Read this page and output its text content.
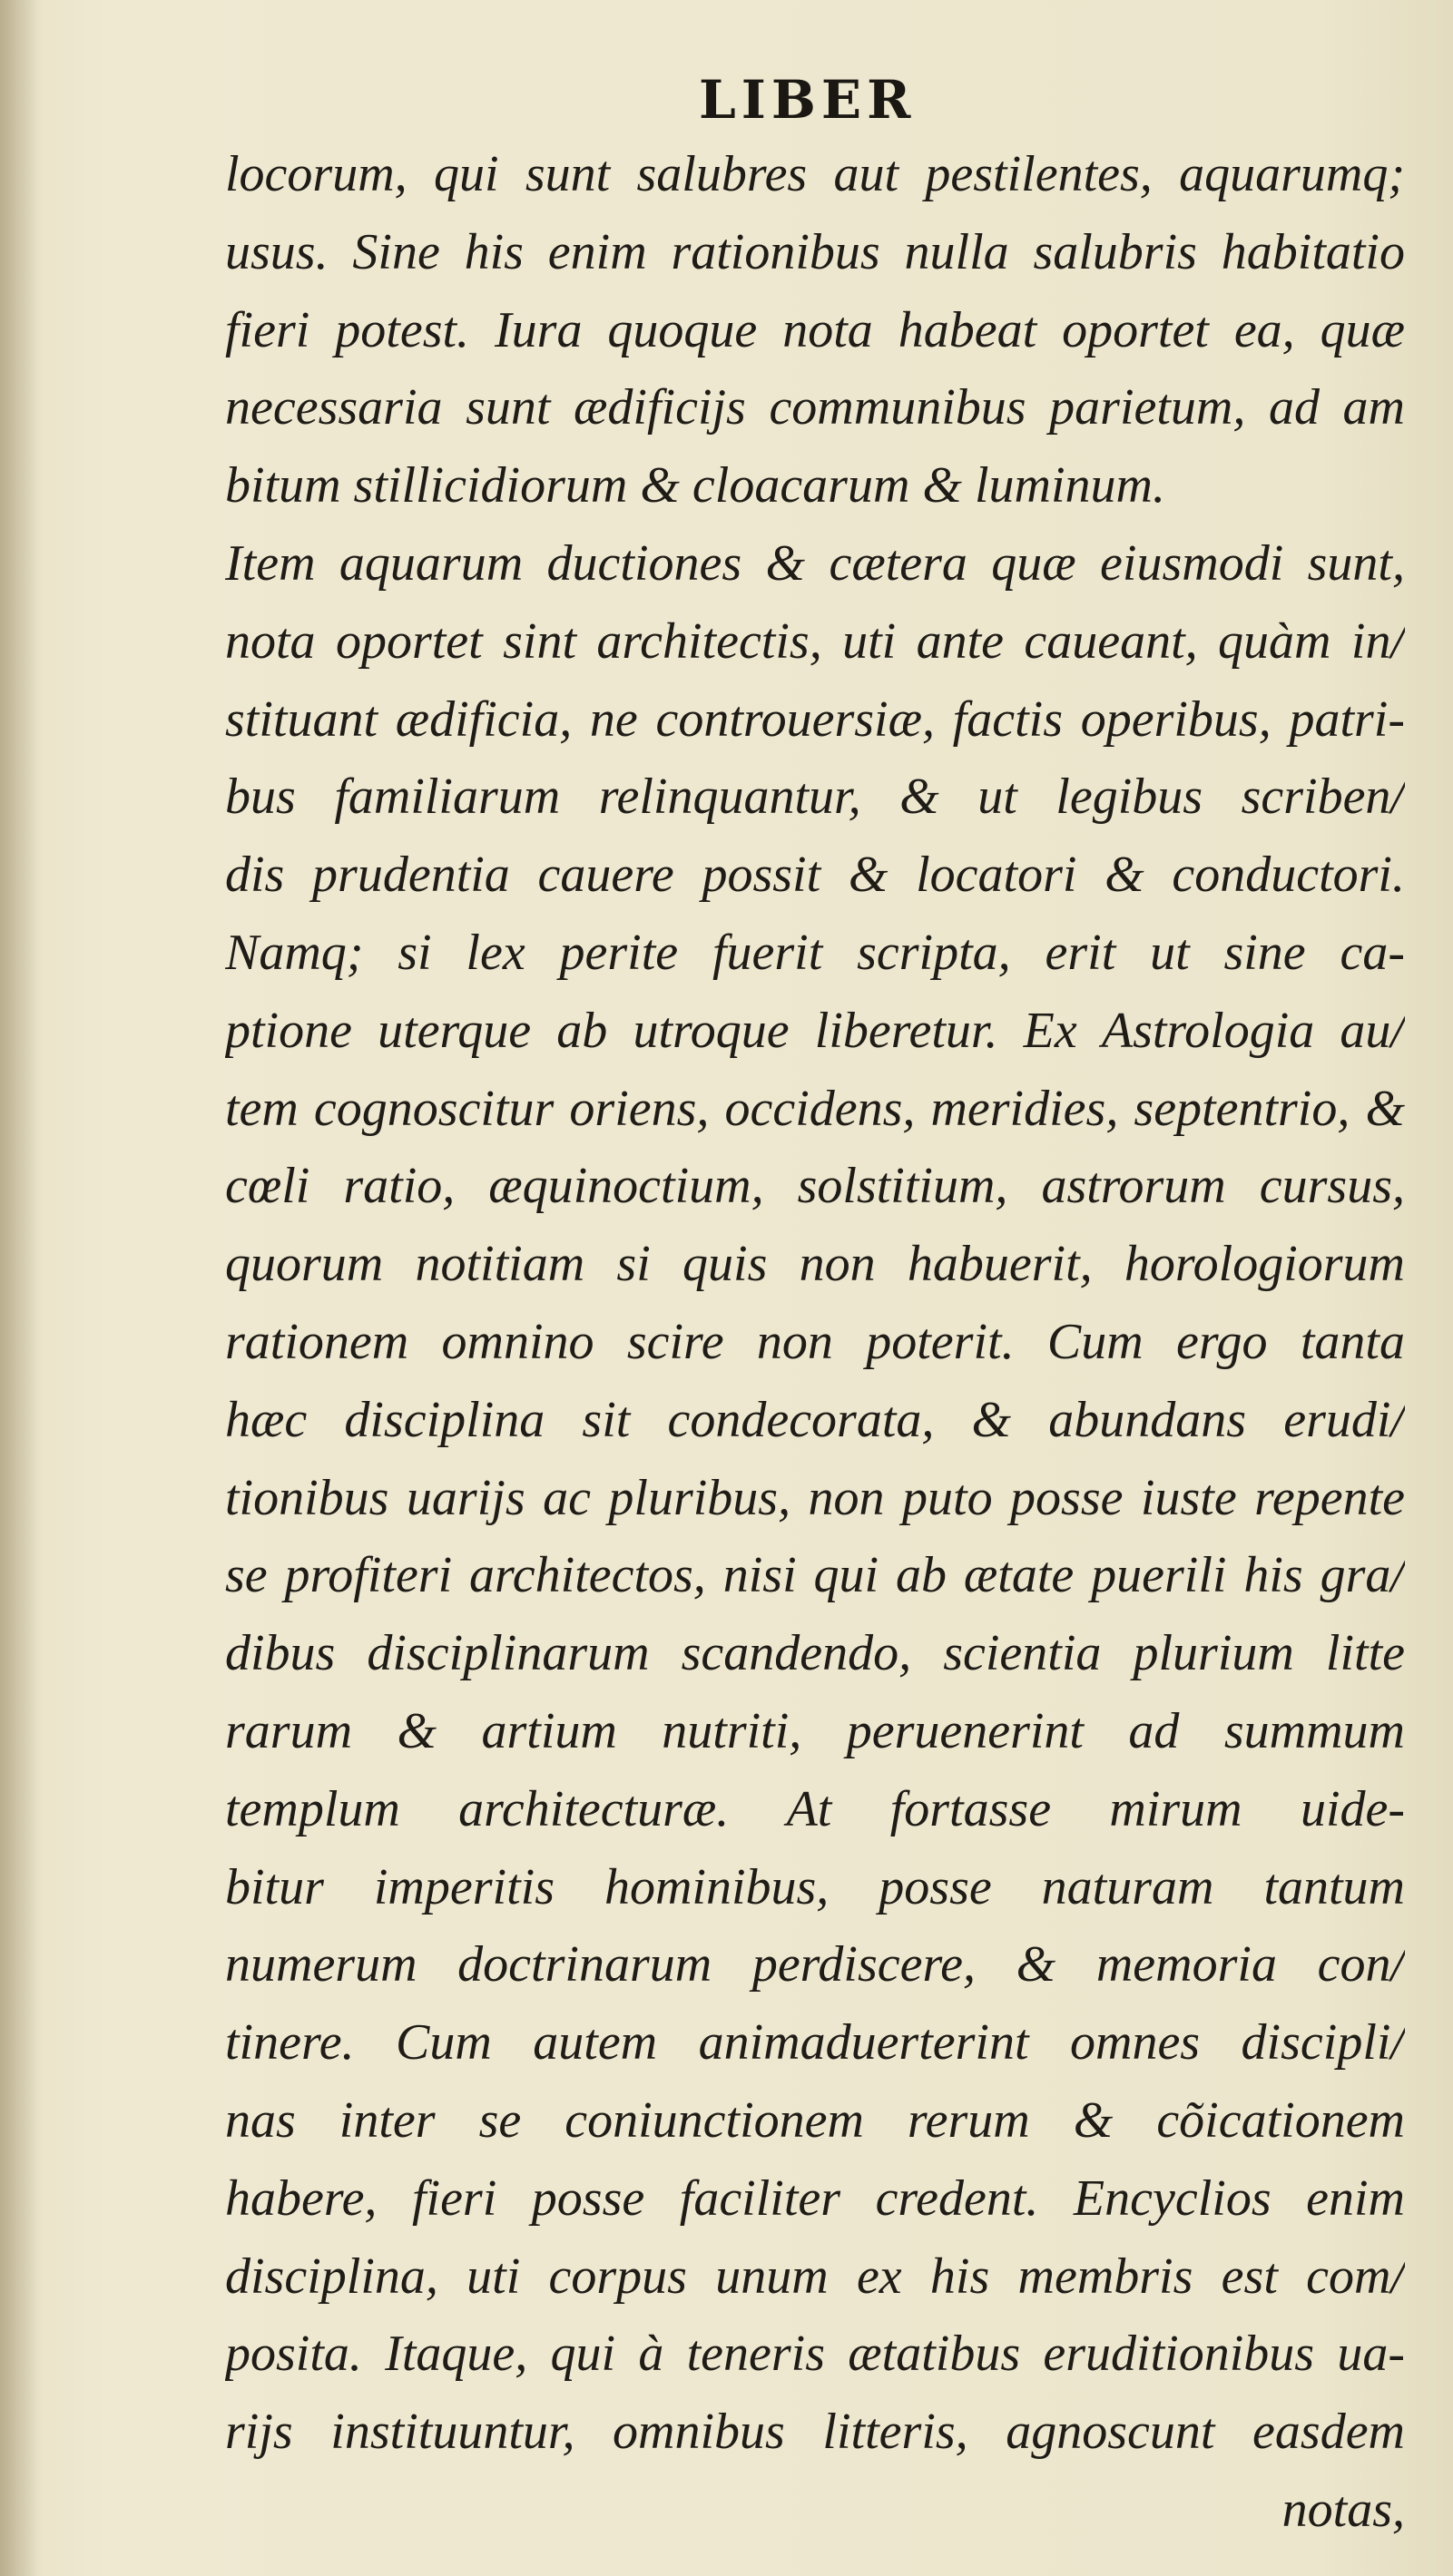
LIBER
locorum, qui sunt salubres aut pestilentes, aquarumq;
usus. Sine his enim rationibus nulla salubris habitatio
fieri potest. Iura quoque nota habeat oportet ea, quæ
necessaria sunt ædificijs communibus parietum, ad am
bitum stillicidiorum & cloacarum & luminum.
Item aquarum ductiones & cætera quæ eiusmodi sunt,
nota oportet sint architectis, uti ante caueant, quàm in/
stituant ædificia, ne controuersiæ, factis operibus, patri-
bus familiarum relinquantur, & ut legibus scriben/
dis prudentia cauere possit & locatori & conductori.
Namq; si lex perite fuerit scripta, erit ut sine ca-
ptione uterque ab utroque liberetur. Ex Astrologia au/
tem cognoscitur oriens, occidens, meridies, septentrio, &
cœli ratio, æquinoctium, solstitium, astrorum cursus,
quorum notitiam si quis non habuerit, horologiorum
rationem omnino scire non poterit. Cum ergo tanta
hæc disciplina sit condecorata, & abundans erudi/
tionibus uarijs ac pluribus, non puto posse iuste repente
se profiteri architectos, nisi qui ab ætate puerili his gra/
dibus disciplinarum scandendo, scientia plurium litte
rarum & artium nutriti, peruenerint ad summum
templum architecturæ. At fortasse mirum uide-
bitur imperitis hominibus, posse naturam tantum
numerum doctrinarum perdiscere, & memoria con/
tinere. Cum autem animaduerterint omnes discipli/
nas inter se coniunctionem rerum & cõicationem
habere, fieri posse faciliter credent. Encyclios enim
disciplina, uti corpus unum ex his membris est com/
posita. Itaque, qui à teneris ætatibus eruditionibus ua-
rijs instituuntur, omnibus litteris, agnoscunt easdem
notas,
